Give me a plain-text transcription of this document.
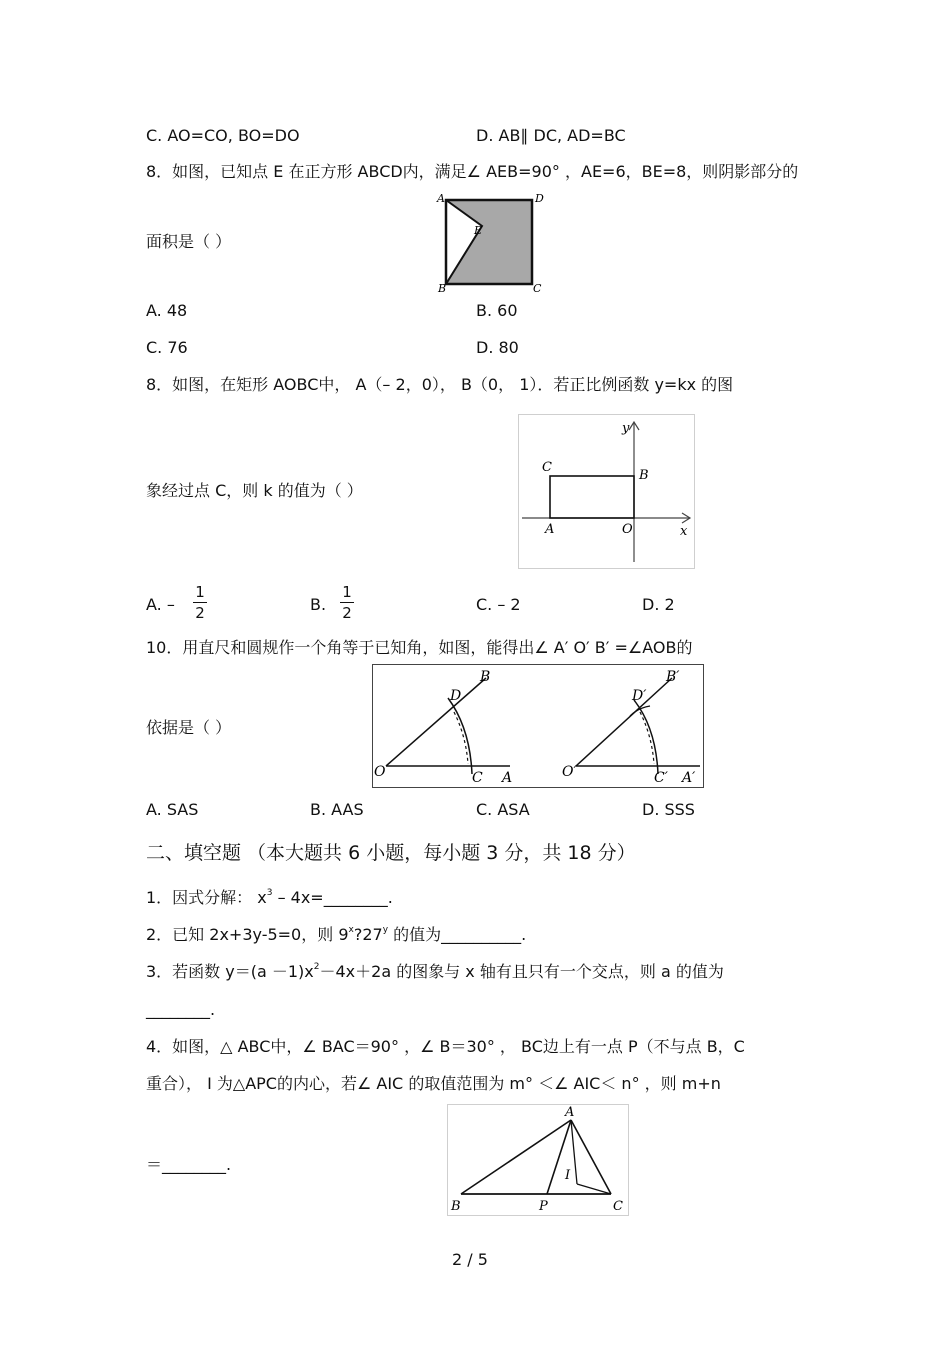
C. AO=CO, BO=DO	D. AB∥ DC, AD=BC
8．如图，已知点 E 在正方形 ABCD内，满足∠ AEB=90° ，AE=6，BE=8，则阴影部分的
面积是（ ）
A	D
E
B	C
A. 48	B. 60
C. 76	D. 80
8．如图，在矩形 AOBC中， A（– 2，0）， B（0， 1）．若正比例函数 y=kx 的图
象经过点 C，则 k 的值为（ ）
y
x
C
B
A	O
A. –
1
2	B.
1
2	C. – 2	D. 2
10．用直尺和圆规作一个角等于已知角，如图，能得出∠ A′ O′ B′ =∠AOB的
依据是（ ）
B
D
O	C A
B′
D′
O′	C′ A′
A. SAS	B. AAS	C. ASA	D. SSS
二、填空题 （本大题共 6 小题，每小题 3 分，共 18 分）
1．因式分解： $x^3$ – 4x=________.
2．已知 2x+3y-5=0，则 9$^x$?27$^y$ 的值为__________.
3．若函数 $y=(a -1)x^2-4x+2a$ 的图象与 x 轴有且只有一个交点，则 a 的值为
________.
4．如图，△ ABC中，∠ BAC＝90° ，∠ B＝30° ， BC边上有一点 P（不与点 B，C
重合）， I 为△APC的内心，若∠ AIC 的取值范围为 m° ＜∠ AIC＜ n° ，则 m+n
＝________.
A
B	P	C
I
2 / 5
